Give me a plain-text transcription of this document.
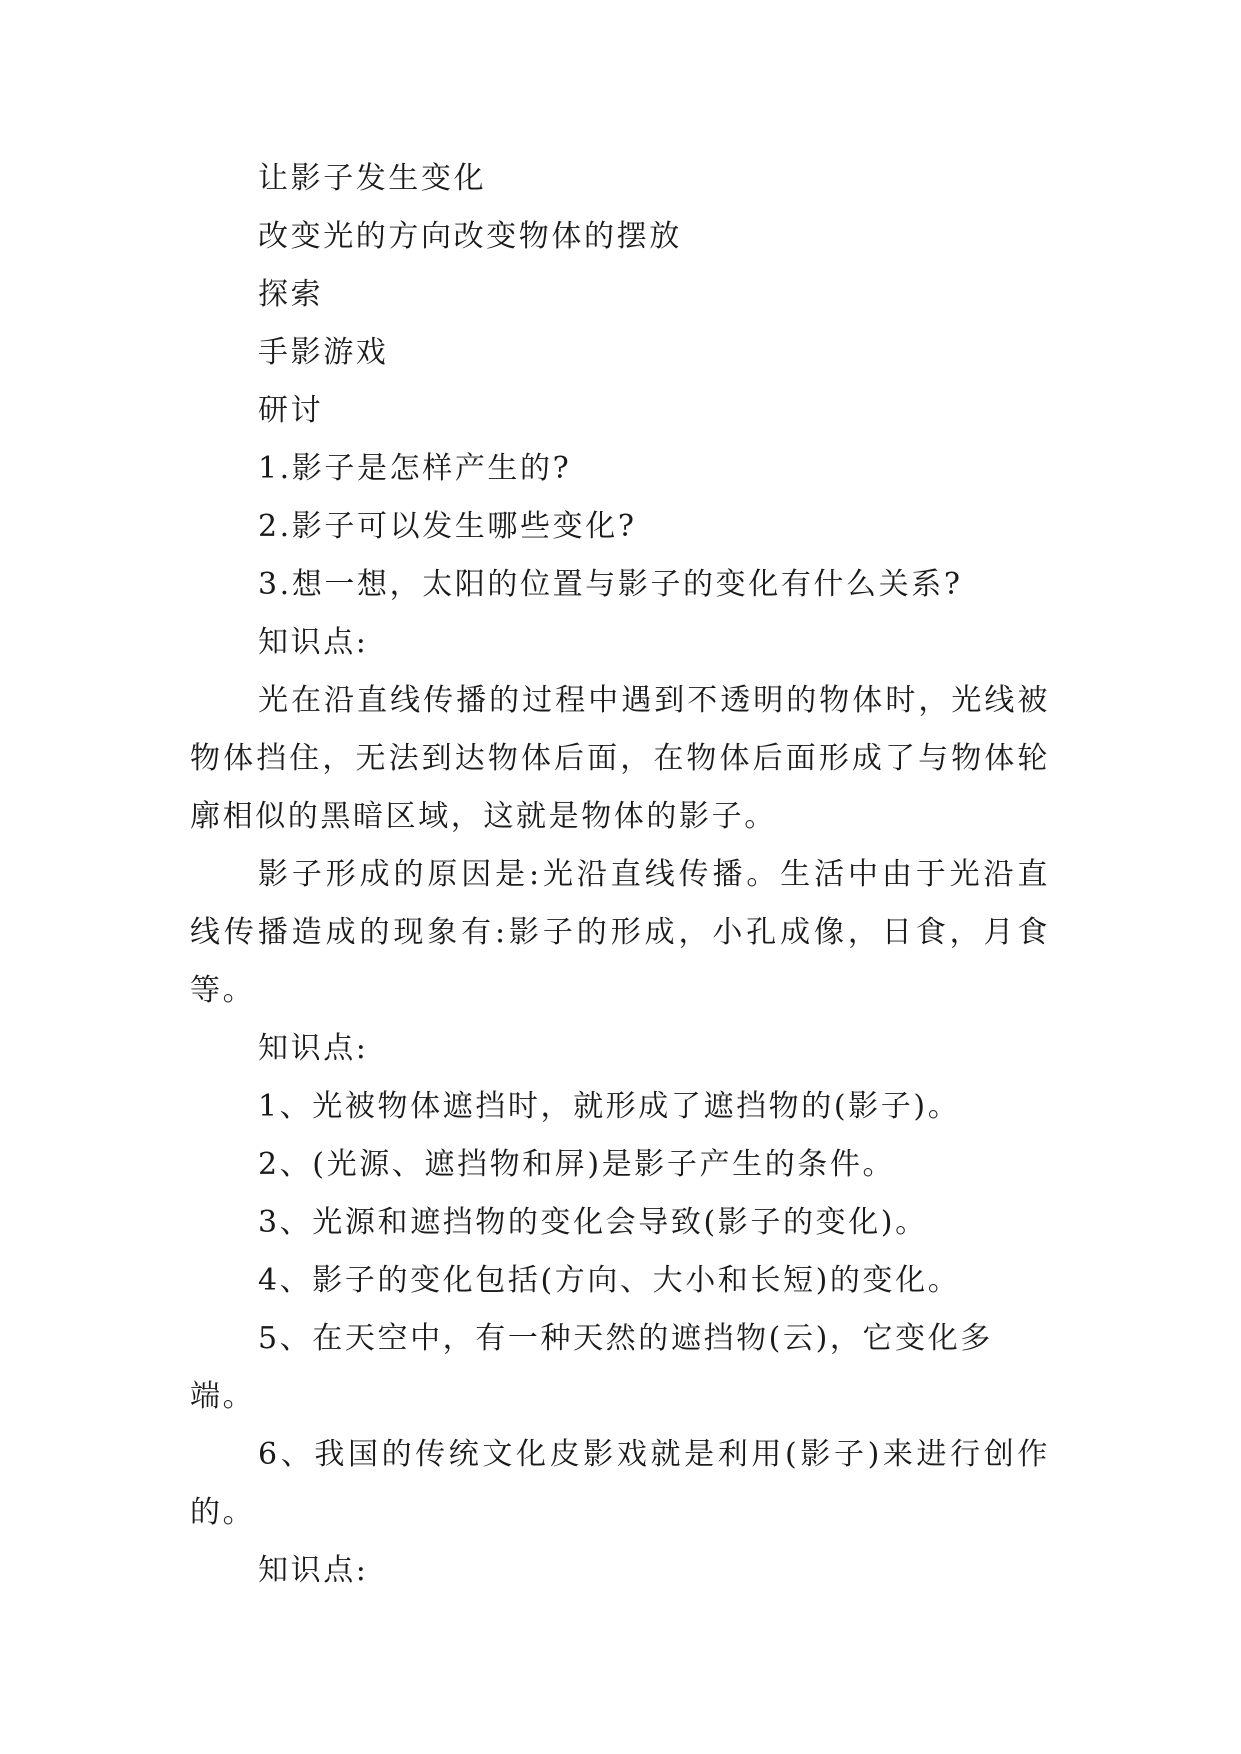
让影子发生变化

改变光的方向改变物体的摆放

探索

手影游戏

研讨

1.影子是怎样产生的?

2.影子可以发生哪些变化?

3.想一想，太阳的位置与影子的变化有什么关系?

知识点:

光在沿直线传播的过程中遇到不透明的物体时，光线被物体挡住，无法到达物体后面，在物体后面形成了与物体轮廓相似的黑暗区域，这就是物体的影子。

影子形成的原因是:光沿直线传播。生活中由于光沿直线传播造成的现象有:影子的形成，小孔成像，日食，月食等。

知识点:

1、光被物体遮挡时，就形成了遮挡物的(影子)。

2、(光源、遮挡物和屏)是影子产生的条件。

3、光源和遮挡物的变化会导致(影子的变化)。

4、影子的变化包括(方向、大小和长短)的变化。

5、在天空中，有一种天然的遮挡物(云)，它变化多端。

6、我国的传统文化皮影戏就是利用(影子)来进行创作的。

知识点:
